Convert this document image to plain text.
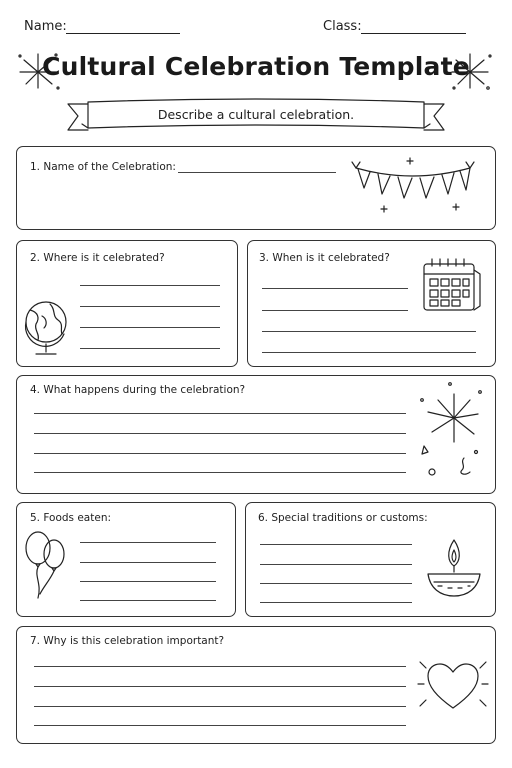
Name:	Class:
Cultural Celebration Template
Describe a cultural celebration.
1. Name of the Celebration:
2. Where is it celebrated?	3. When is it celebrated?
4. What happens during the celebration?
5. Foods eaten:	6. Special traditions or customs:
7. Why is this celebration important?
